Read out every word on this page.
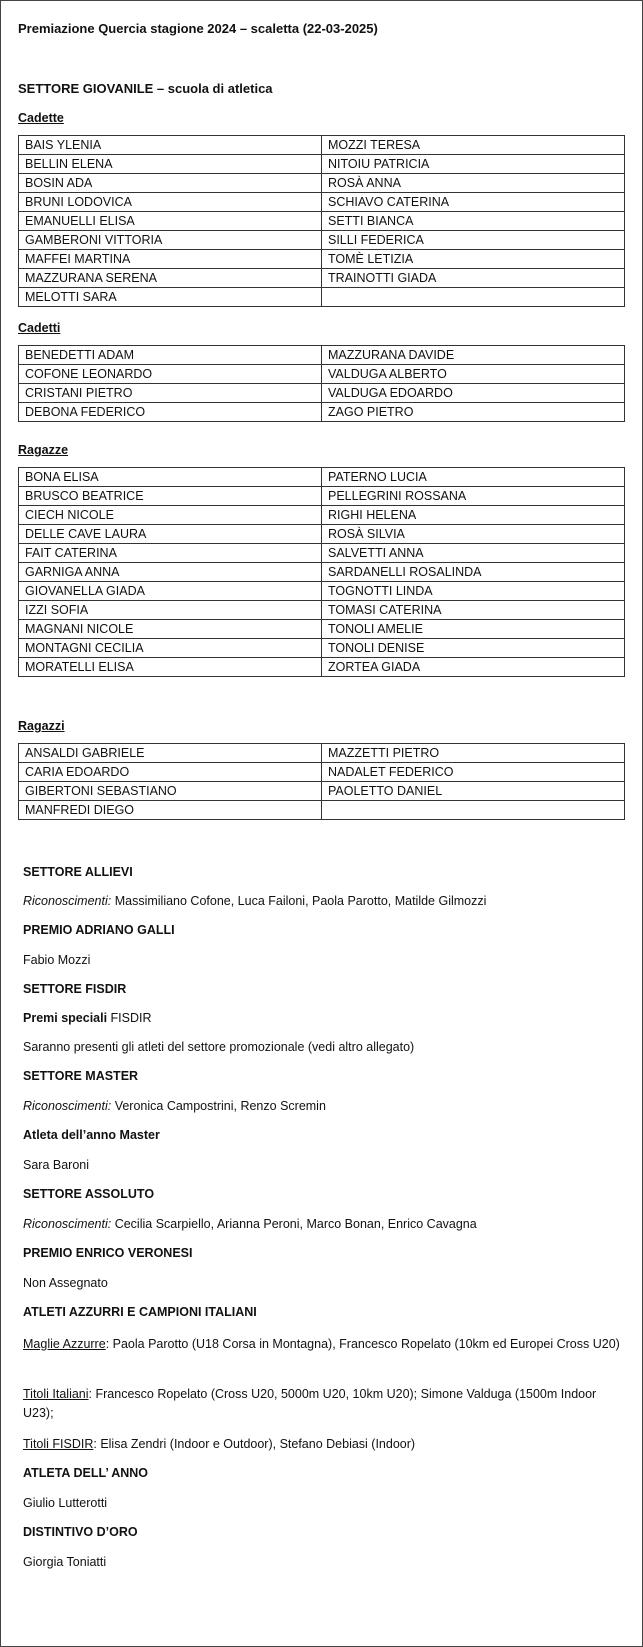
Premiazione Quercia stagione 2024 – scaletta (22-03-2025)
SETTORE GIOVANILE – scuola di atletica
Cadette
BAIS YLENIA	MOZZI TERESA
BELLIN ELENA	NITOIU PATRICIA
BOSIN ADA	ROSÀ ANNA
BRUNI LODOVICA	SCHIAVO CATERINA
EMANUELLI ELISA	SETTI BIANCA
GAMBERONI VITTORIA	SILLI FEDERICA
MAFFEI MARTINA	TOMÈ LETIZIA
MAZZURANA SERENA	TRAINOTTI GIADA
MELOTTI SARA	
Cadetti
BENEDETTI ADAM	MAZZURANA DAVIDE
COFONE LEONARDO	VALDUGA ALBERTO
CRISTANI PIETRO	VALDUGA EDOARDO
DEBONA FEDERICO	ZAGO PIETRO
Ragazze
BONA ELISA	PATERNO LUCIA
BRUSCO BEATRICE	PELLEGRINI ROSSANA
CIECH NICOLE	RIGHI HELENA
DELLE CAVE LAURA	ROSÀ SILVIA
FAIT CATERINA	SALVETTI ANNA
GARNIGA ANNA	SARDANELLI ROSALINDA
GIOVANELLA GIADA	TOGNOTTI LINDA
IZZI SOFIA	TOMASI CATERINA
MAGNANI NICOLE	TONOLI AMELIE
MONTAGNI CECILIA	TONOLI DENISE
MORATELLI ELISA	ZORTEA GIADA
Ragazzi
ANSALDI GABRIELE	MAZZETTI PIETRO
CARIA EDOARDO	NADALET FEDERICO
GIBERTONI SEBASTIANO	PAOLETTO DANIEL
MANFREDI DIEGO	
SETTORE ALLIEVI
Riconoscimenti: Massimiliano Cofone, Luca Failoni, Paola Parotto, Matilde Gilmozzi
PREMIO ADRIANO GALLI
Fabio Mozzi
SETTORE FISDIR
Premi speciali FISDIR
Saranno presenti gli atleti del settore promozionale (vedi altro allegato)
SETTORE MASTER
Riconoscimenti: Veronica Campostrini, Renzo Scremin
Atleta dell’anno Master
Sara Baroni
SETTORE ASSOLUTO
Riconoscimenti: Cecilia Scarpiello, Arianna Peroni, Marco Bonan, Enrico Cavagna
PREMIO ENRICO VERONESI
Non Assegnato
ATLETI AZZURRI E CAMPIONI ITALIANI
Maglie Azzurre: Paola Parotto (U18 Corsa in Montagna), Francesco Ropelato (10km ed Europei Cross U20)
Titoli Italiani: Francesco Ropelato (Cross U20, 5000m U20, 10km U20); Simone Valduga (1500m Indoor U23);
Titoli FISDIR: Elisa Zendri (Indoor e Outdoor), Stefano Debiasi (Indoor)
ATLETA DELL’ ANNO
Giulio Lutterotti
DISTINTIVO D’ORO
Giorgia Toniatti
